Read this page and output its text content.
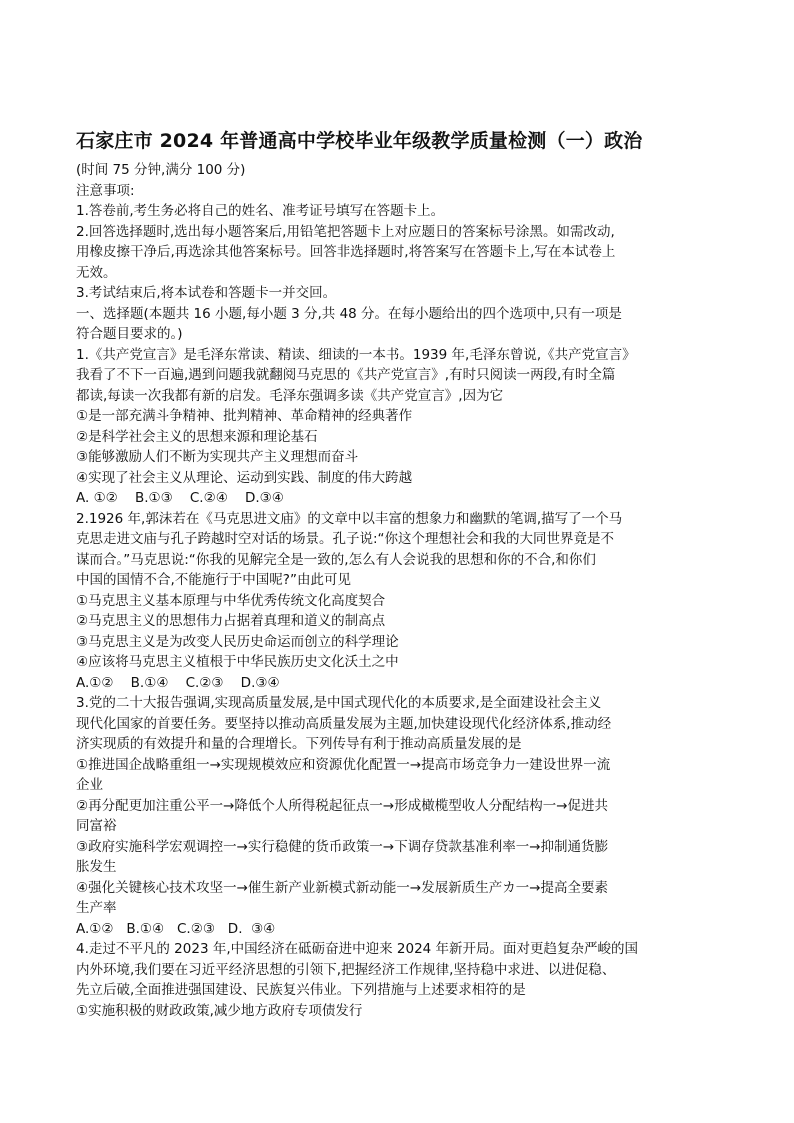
石家庄市 2024 年普通高中学校毕业年级教学质量检测（一）政治
(时间 75 分钟,满分 100 分)
注意事项:
1.答卷前,考生务必将自己的姓名、准考证号填写在答题卡上。
2.回答选择题时,选出每小题答案后,用铅笔把答题卡上对应题日的答案标号涂黑。如需改动,
用橡皮擦干净后,再选涂其他答案标号。回答非选择题时,将答案写在答题卡上,写在本试卷上
无效。
3.考试结束后,将本试卷和答题卡一并交回。
一、选择题(本题共 16 小题,每小题 3 分,共 48 分。在每小题给出的四个选项中,只有一项是
符合题目要求的。)
1.《共产党宣言》是毛泽东常读、精读、细读的一本书。1939 年,毛泽东曾说,《共产党宣言》
我看了不下一百遍,遇到问题我就翻阅马克思的《共产党宣言》,有时只阅读一两段,有时全篇
都读,每读一次我都有新的启发。毛泽东强调多读《共产党宣言》,因为它
①是一部充满斗争精神、批判精神、革命精神的经典著作
②是科学社会主义的思想来源和理论基石
③能够激励人们不断为实现共产主义理想而奋斗
④实现了社会主义从理论、运动到实践、制度的伟大跨越
A. ①②    B.①③    C.②④    D.③④
2.1926 年,郭沫若在《马克思进文庙》的文章中以丰富的想象力和幽默的笔调,描写了一个马
克思走进文庙与孔子跨越时空对话的场景。孔子说:“你这个理想社会和我的大同世界竟是不
谋而合。”马克思说:“你我的见解完全是一致的,怎么有人会说我的思想和你的不合,和你们
中国的国情不合,不能施行于中国呢?”由此可见
①马克思主义基本原理与中华优秀传统文化高度契合
②马克思主义的思想伟力占据着真理和道义的制高点
③马克思主义是为改变人民历史命运而创立的科学理论
④应该将马克思主义植根于中华民族历史文化沃土之中
A.①②    B.①④    C.②③    D.③④
3.党的二十大报告强调,实现高质量发展,是中国式现代化的本质要求,是全面建设社会主义
现代化国家的首要任务。要坚持以推动高质量发展为主题,加快建设现代化经济体系,推动经
济实现质的有效提升和量的合理增长。下列传导有利于推动高质量发展的是
①推进国企战略重组一→实现规模效应和资源优化配置一→提高市场竞争力一建设世界一流
企业
②再分配更加注重公平一→降低个人所得税起征点一→形成橄榄型收人分配结构一→促进共
同富裕
③政府实施科学宏观调控一→实行稳健的货币政策一→下调存贷款基准利率一→抑制通货膨
胀发生
④强化关键核心技术攻坚一→催生新产业新模式新动能一→发展新质生产カ一→提高全要素
生产率
A.①②   B.①④   C.②③   D.  ③④
4.走过不平凡的 2023 年,中国经济在砥砺奋进中迎来 2024 年新开局。面对更趋复杂严峻的国
内外环境,我们要在习近平经济思想的引领下,把握经济工作规律,坚持稳中求进、以进促稳、
先立后破,全面推进强国建设、民族复兴伟业。下列措施与上述要求相符的是
①实施积极的财政政策,减少地方政府专项债发行
